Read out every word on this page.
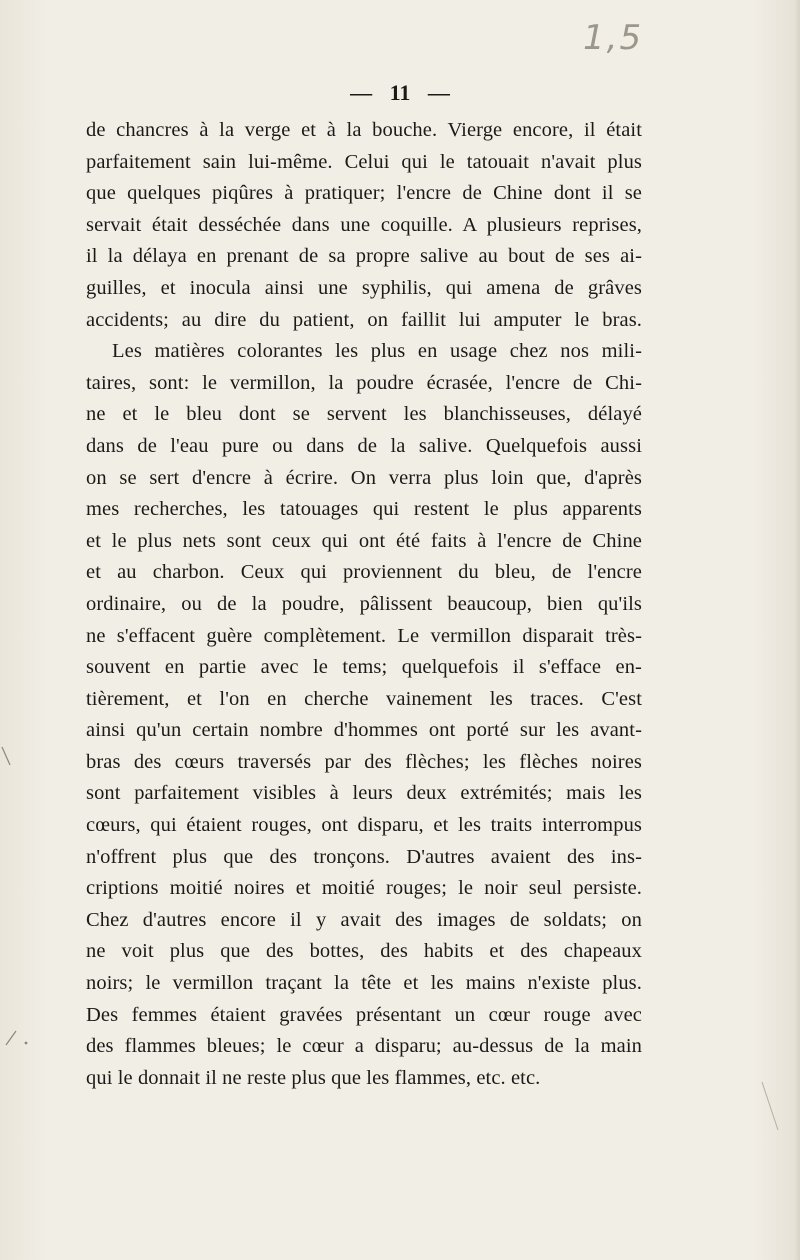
1,5
— 11 —
de chancres à la verge et à la bouche. Vierge encore, il était
parfaitement sain lui-même. Celui qui le tatouait n'avait plus
que quelques piqûres à pratiquer; l'encre de Chine dont il se
servait était desséchée dans une coquille. A plusieurs reprises,
il la délaya en prenant de sa propre salive au bout de ses ai-
guilles, et inocula ainsi une syphilis, qui amena de grâves
accidents; au dire du patient, on faillit lui amputer le bras.
Les matières colorantes les plus en usage chez nos mili-
taires, sont: le vermillon, la poudre écrasée, l'encre de Chi-
ne et le bleu dont se servent les blanchisseuses, délayé
dans de l'eau pure ou dans de la salive. Quelquefois aussi
on se sert d'encre à écrire. On verra plus loin que, d'après
mes recherches, les tatouages qui restent le plus apparents
et le plus nets sont ceux qui ont été faits à l'encre de Chine
et au charbon. Ceux qui proviennent du bleu, de l'encre
ordinaire, ou de la poudre, pâlissent beaucoup, bien qu'ils
ne s'effacent guère complètement. Le vermillon disparait très-
souvent en partie avec le tems; quelquefois il s'efface en-
tièrement, et l'on en cherche vainement les traces. C'est
ainsi qu'un certain nombre d'hommes ont porté sur les avant-
bras des cœurs traversés par des flèches; les flèches noires
sont parfaitement visibles à leurs deux extrémités; mais les
cœurs, qui étaient rouges, ont disparu, et les traits interrompus
n'offrent plus que des tronçons. D'autres avaient des ins-
criptions moitié noires et moitié rouges; le noir seul persiste.
Chez d'autres encore il y avait des images de soldats; on
ne voit plus que des bottes, des habits et des chapeaux
noirs; le vermillon traçant la tête et les mains n'existe plus.
Des femmes étaient gravées présentant un cœur rouge avec
des flammes bleues; le cœur a disparu; au-dessus de la main
qui le donnait il ne reste plus que les flammes, etc. etc.
